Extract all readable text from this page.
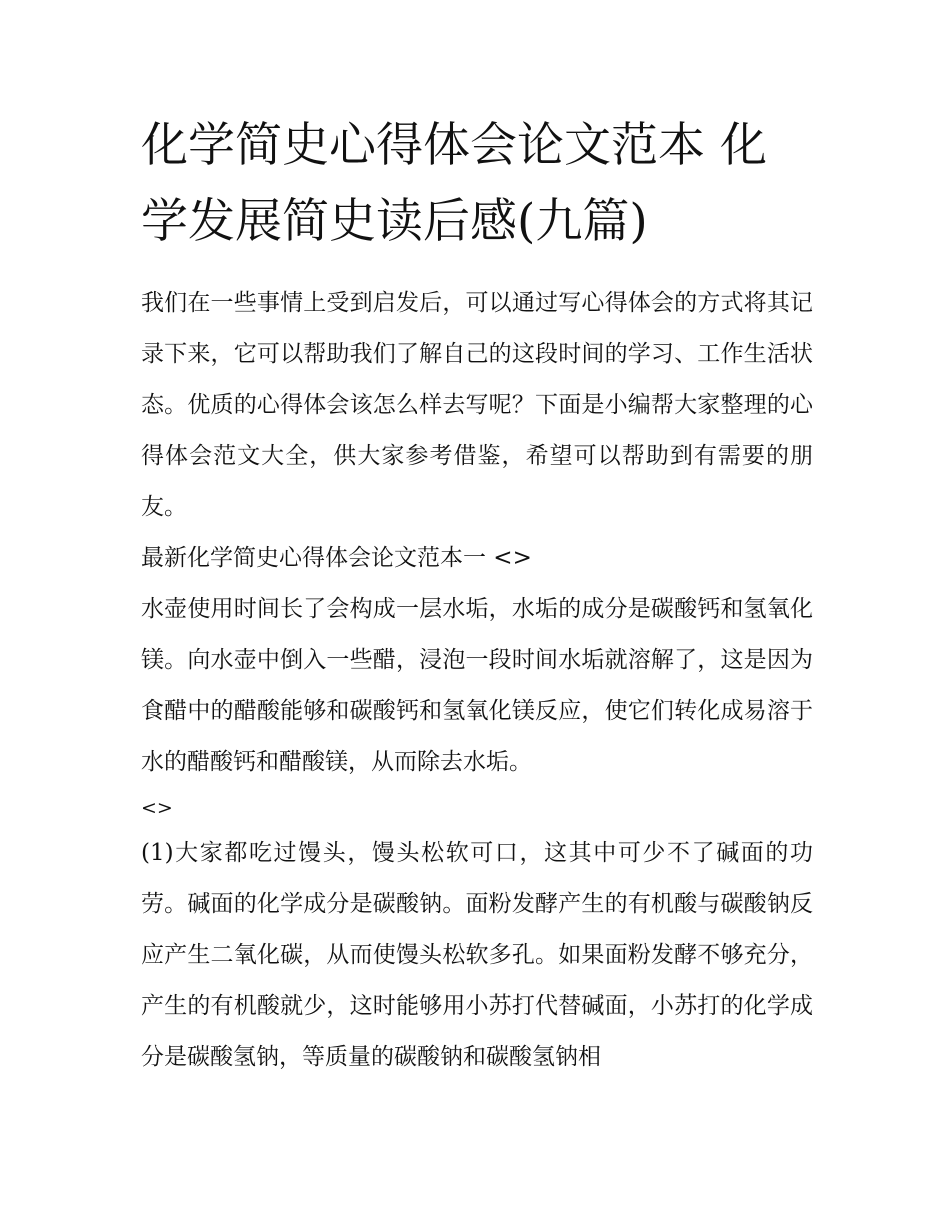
化学简史心得体会论文范本 化学发展简史读后感(九篇)

我们在一些事情上受到启发后，可以通过写心得体会的方式将其记录下来，它可以帮助我们了解自己的这段时间的学习、工作生活状态。优质的心得体会该怎么样去写呢？下面是小编帮大家整理的心得体会范文大全，供大家参考借鉴，希望可以帮助到有需要的朋友。

最新化学简史心得体会论文范本一 <>

水壶使用时间长了会构成一层水垢，水垢的成分是碳酸钙和氢氧化镁。向水壶中倒入一些醋，浸泡一段时间水垢就溶解了，这是因为食醋中的醋酸能够和碳酸钙和氢氧化镁反应，使它们转化成易溶于水的醋酸钙和醋酸镁，从而除去水垢。

<>

(1)大家都吃过馒头，馒头松软可口，这其中可少不了碱面的功劳。碱面的化学成分是碳酸钠。面粉发酵产生的有机酸与碳酸钠反应产生二氧化碳，从而使馒头松软多孔。如果面粉发酵不够充分，产生的有机酸就少，这时能够用小苏打代替碱面，小苏打的化学成分是碳酸氢钠，等质量的碳酸钠和碳酸氢钠相
